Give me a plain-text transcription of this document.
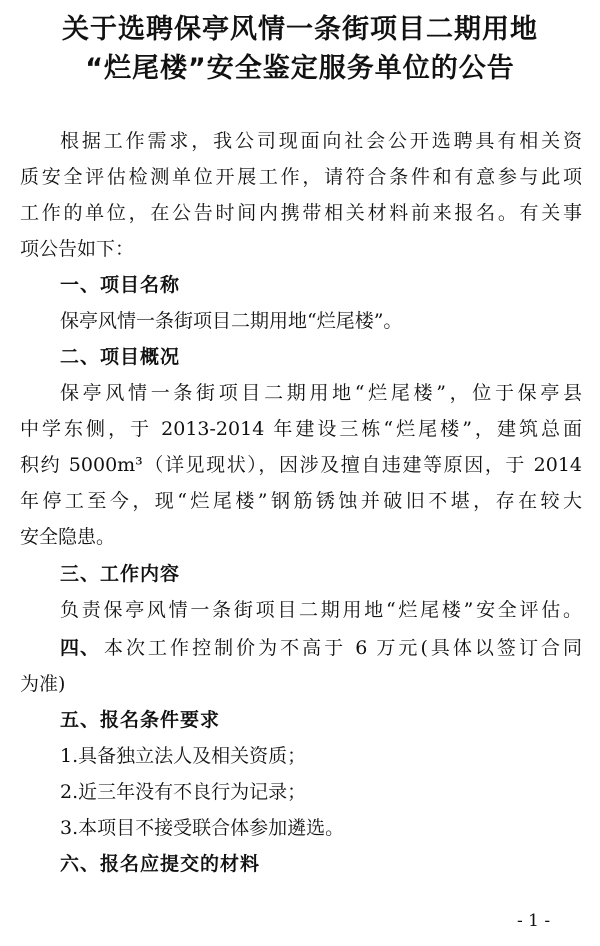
关于选聘保亭风情一条街项目二期用地
“烂尾楼”安全鉴定服务单位的公告
根据工作需求，我公司现面向社会公开选聘具有相关资
质安全评估检测单位开展工作，请符合条件和有意参与此项
工作的单位，在公告时间内携带相关材料前来报名。有关事
项公告如下：
一、项目名称
保亭风情一条街项目二期用地“烂尾楼”。
二、项目概况
保亭风情一条街项目二期用地“烂尾楼”，位于保亭县
中学东侧，于 2013-2014 年建设三栋“烂尾楼”，建筑总面
积约 5000m³（详见现状），因涉及擅自违建等原因，于 2014
年停工至今，现“烂尾楼”钢筋锈蚀并破旧不堪，存在较大
安全隐患。
三、工作内容
负责保亭风情一条街项目二期用地“烂尾楼”安全评估。
四、 本次工作控制价为不高于 6 万元(具体以签订合同
为准)
五、报名条件要求
1.具备独立法人及相关资质；
2.近三年没有不良行为记录；
3.本项目不接受联合体参加遴选。
六、报名应提交的材料
- 1 -
